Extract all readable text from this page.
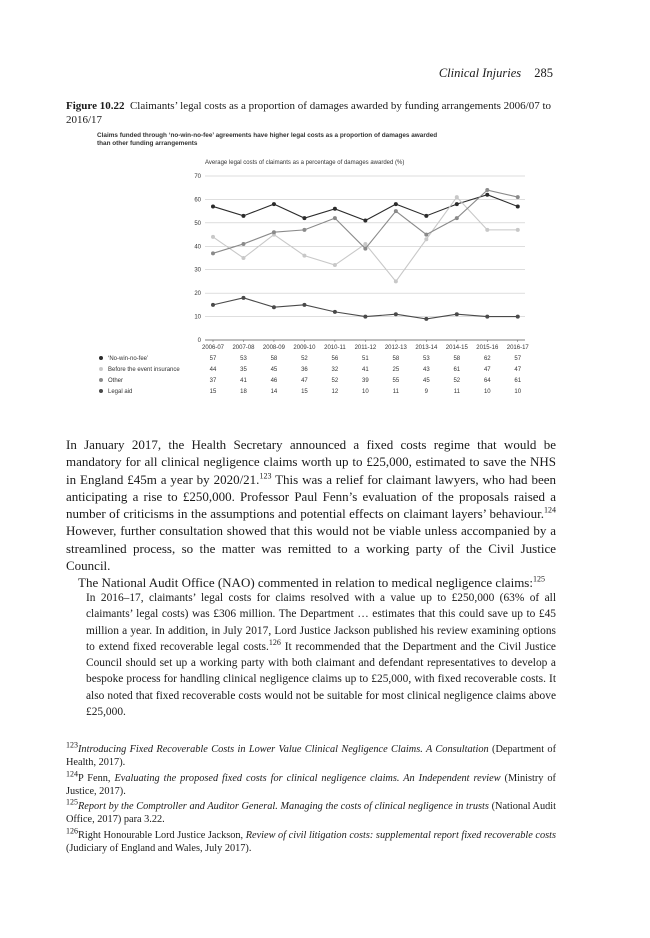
Clinical Injuries 285
Figure 10.22 Claimants’ legal costs as a proportion of damages awarded by funding arrangements 2006/07 to 2016/17
Claims funded through ‘no-win-no-fee’ agreements have higher legal costs as a proportion of damages awarded
than other funding arrangements
Average legal costs of claimants as a percentage of damages awarded (%)
0
10
20
30
40
50
60
70
2006-07 2007-08 2008-09 2009-10 2010-11 2011-12 2012-13 2013-14 2014-15 2015-16 2016-17
‘No-win-no-fee’	57	53	58	52	56	51	58	53	58	62	57
Before the event insurance	44	35	45	36	32	41	25	43	61	47	47
Other	37	41	46	47	52	39	55	45	52	64	61
Legal aid	15	18	14	15	12	10	11	9	11	10	10

In January 2017, the Health Secretary announced a fixed costs regime that would be mandatory for all clinical negligence claims worth up to £25,000, estimated to save the NHS in England £45m a year by 2020/21.$^{123}$ This was a relief for claimant lawyers, who had been anticipating a rise to £250,000. Professor Paul Fenn’s evaluation of the proposals raised a number of criticisms in the assumptions and potential effects on claimant layers’ behaviour.$^{124}$ However, further consultation showed that this would not be viable unless accompanied by a streamlined process, so the matter was remitted to a working party of the Civil Justice Council.

The National Audit Office (NAO) commented in relation to medical negligence claims:$^{125}$

In 2016–17, claimants’ legal costs for claims resolved with a value up to £250,000 (63% of all claimants’ legal costs) was £306 million. The Department … estimates that this could save up to £45 million a year. In addition, in July 2017, Lord Justice Jackson published his review examining options to extend fixed recoverable legal costs.$^{126}$ It recommended that the Department and the Civil Justice Council should set up a working party with both claimant and defendant representatives to develop a bespoke process for handling clinical negligence claims up to £25,000, with fixed recoverable costs. It also noted that fixed recoverable costs would not be suitable for most clinical negligence claims above £25,000.

$^{123}$Introducing Fixed Recoverable Costs in Lower Value Clinical Negligence Claims. A Consultation (Department of Health, 2017).

$^{124}$P Fenn, Evaluating the proposed fixed costs for clinical negligence claims. An Independent review (Ministry of Justice, 2017).

$^{125}$Report by the Comptroller and Auditor General. Managing the costs of clinical negligence in trusts (National Audit Office, 2017) para 3.22.

$^{126}$Right Honourable Lord Justice Jackson, Review of civil litigation costs: supplemental report fixed recoverable costs (Judiciary of England and Wales, July 2017).
